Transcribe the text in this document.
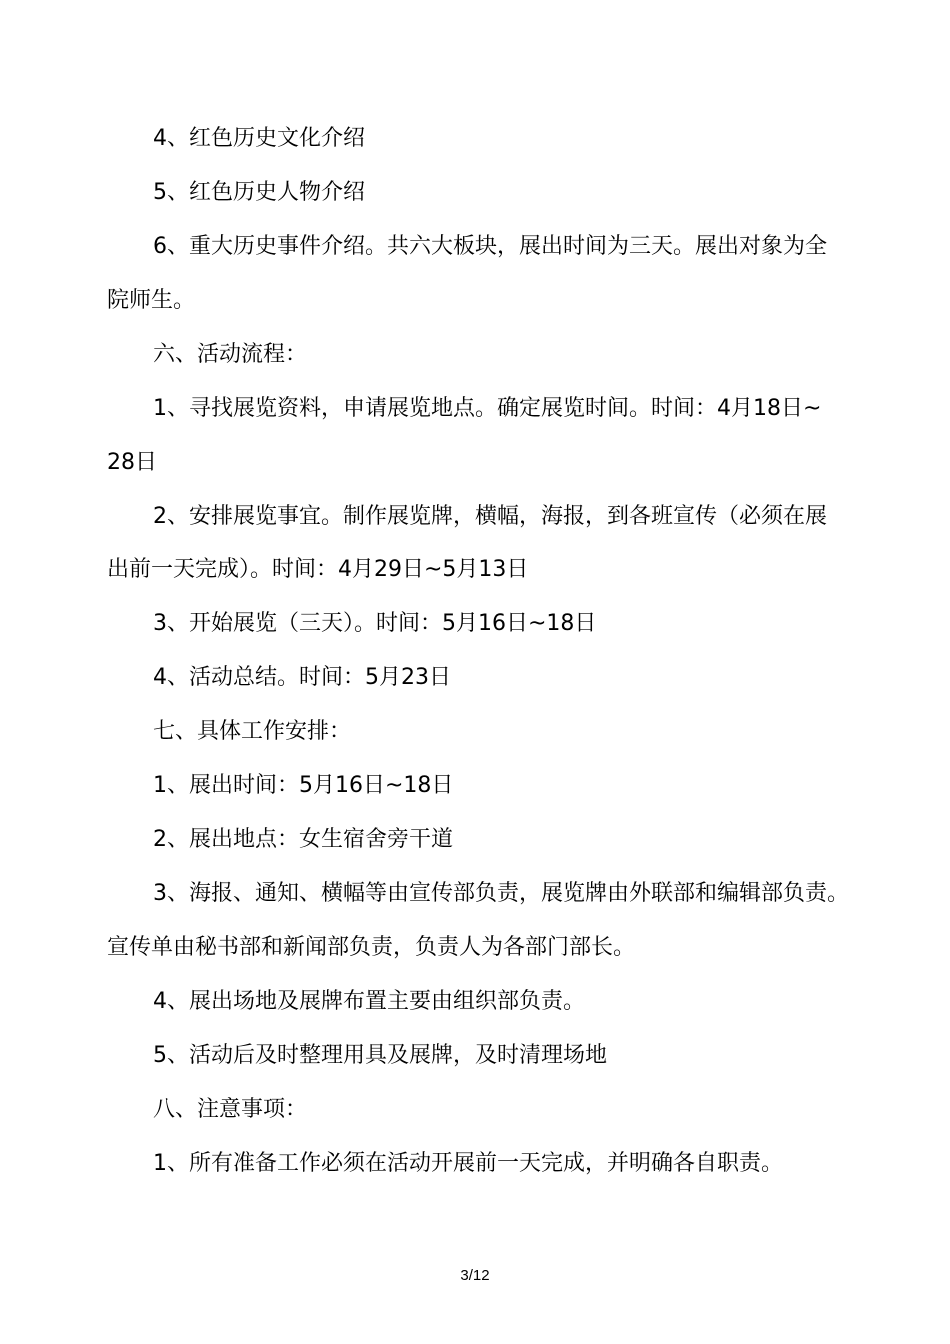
4、红色历史文化介绍
5、红色历史人物介绍
6、重大历史事件介绍。共六大板块，展出时间为三天。展出对象为全
院师生。
六、活动流程：
1、寻找展览资料，申请展览地点。确定展览时间。时间：4月18日~
28日
2、安排展览事宜。制作展览牌，横幅，海报，到各班宣传（必须在展
出前一天完成）。时间：4月29日~5月13日
3、开始展览（三天）。时间：5月16日~18日
4、活动总结。时间：5月23日
七、具体工作安排：
1、展出时间：5月16日~18日
2、展出地点：女生宿舍旁干道
3、海报、通知、横幅等由宣传部负责，展览牌由外联部和编辑部负责。
宣传单由秘书部和新闻部负责，负责人为各部门部长。
4、展出场地及展牌布置主要由组织部负责。
5、活动后及时整理用具及展牌，及时清理场地
八、注意事项：
1、所有准备工作必须在活动开展前一天完成，并明确各自职责。
3/12
